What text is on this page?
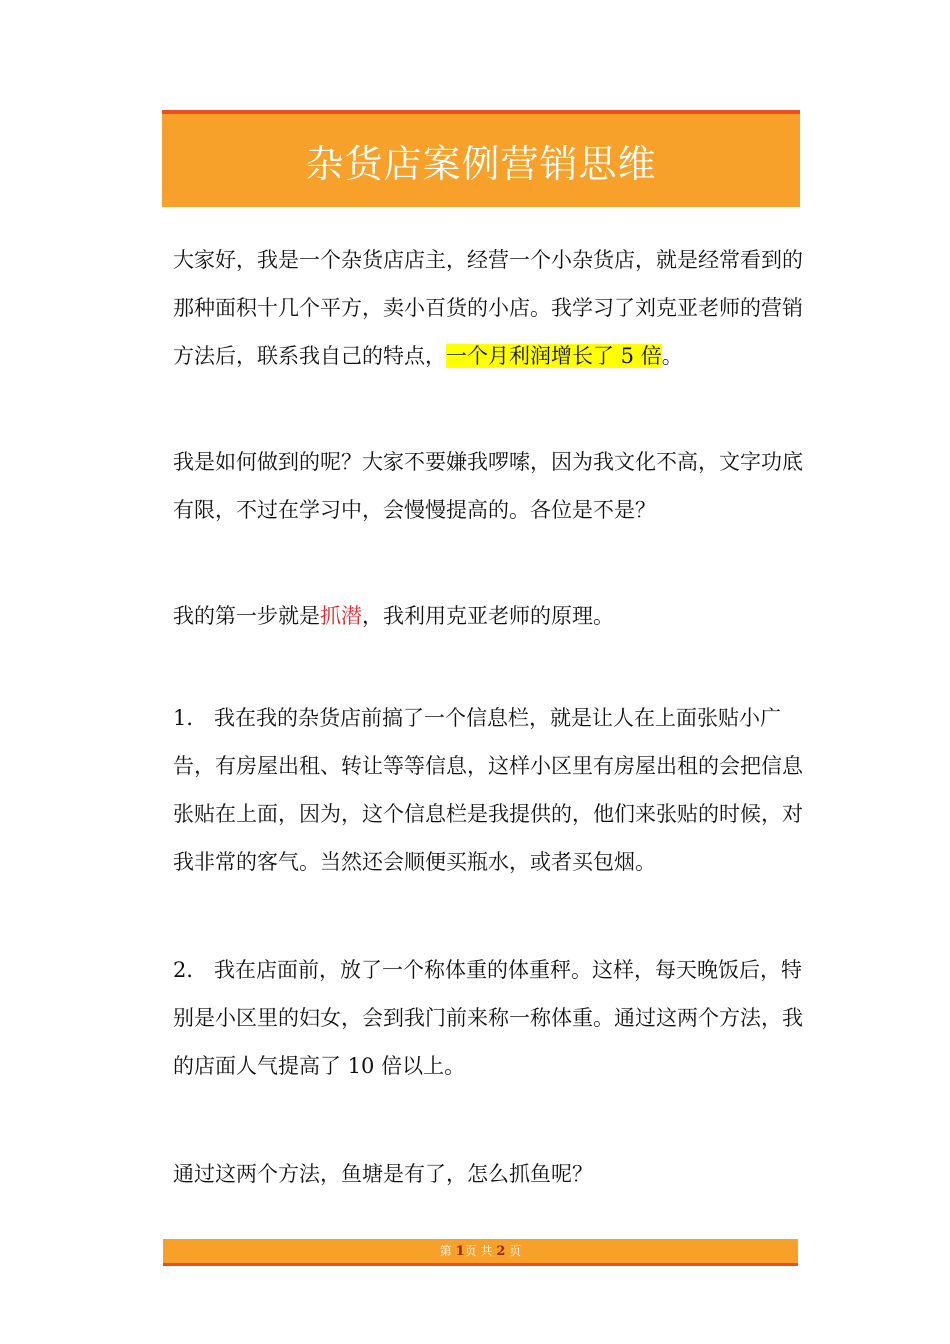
杂货店案例营销思维

大家好，我是一个杂货店店主，经营一个小杂货店，就是经常看到的那种面积十几个平方，卖小百货的小店。我学习了刘克亚老师的营销方法后，联系我自己的特点，一个月利润增长了 5 倍。

我是如何做到的呢？大家不要嫌我啰嗦，因为我文化不高，文字功底有限，不过在学习中，会慢慢提高的。各位是不是？

我的第一步就是抓潜，我利用克亚老师的原理。

1． 我在我的杂货店前搞了一个信息栏，就是让人在上面张贴小广告，有房屋出租、转让等等信息，这样小区里有房屋出租的会把信息张贴在上面，因为，这个信息栏是我提供的，他们来张贴的时候，对我非常的客气。当然还会顺便买瓶水，或者买包烟。

2． 我在店面前，放了一个称体重的体重秤。这样，每天晚饭后，特别是小区里的妇女，会到我门前来称一称体重。通过这两个方法，我的店面人气提高了 10 倍以上。

通过这两个方法，鱼塘是有了，怎么抓鱼呢？

第 1页 共 2 页
